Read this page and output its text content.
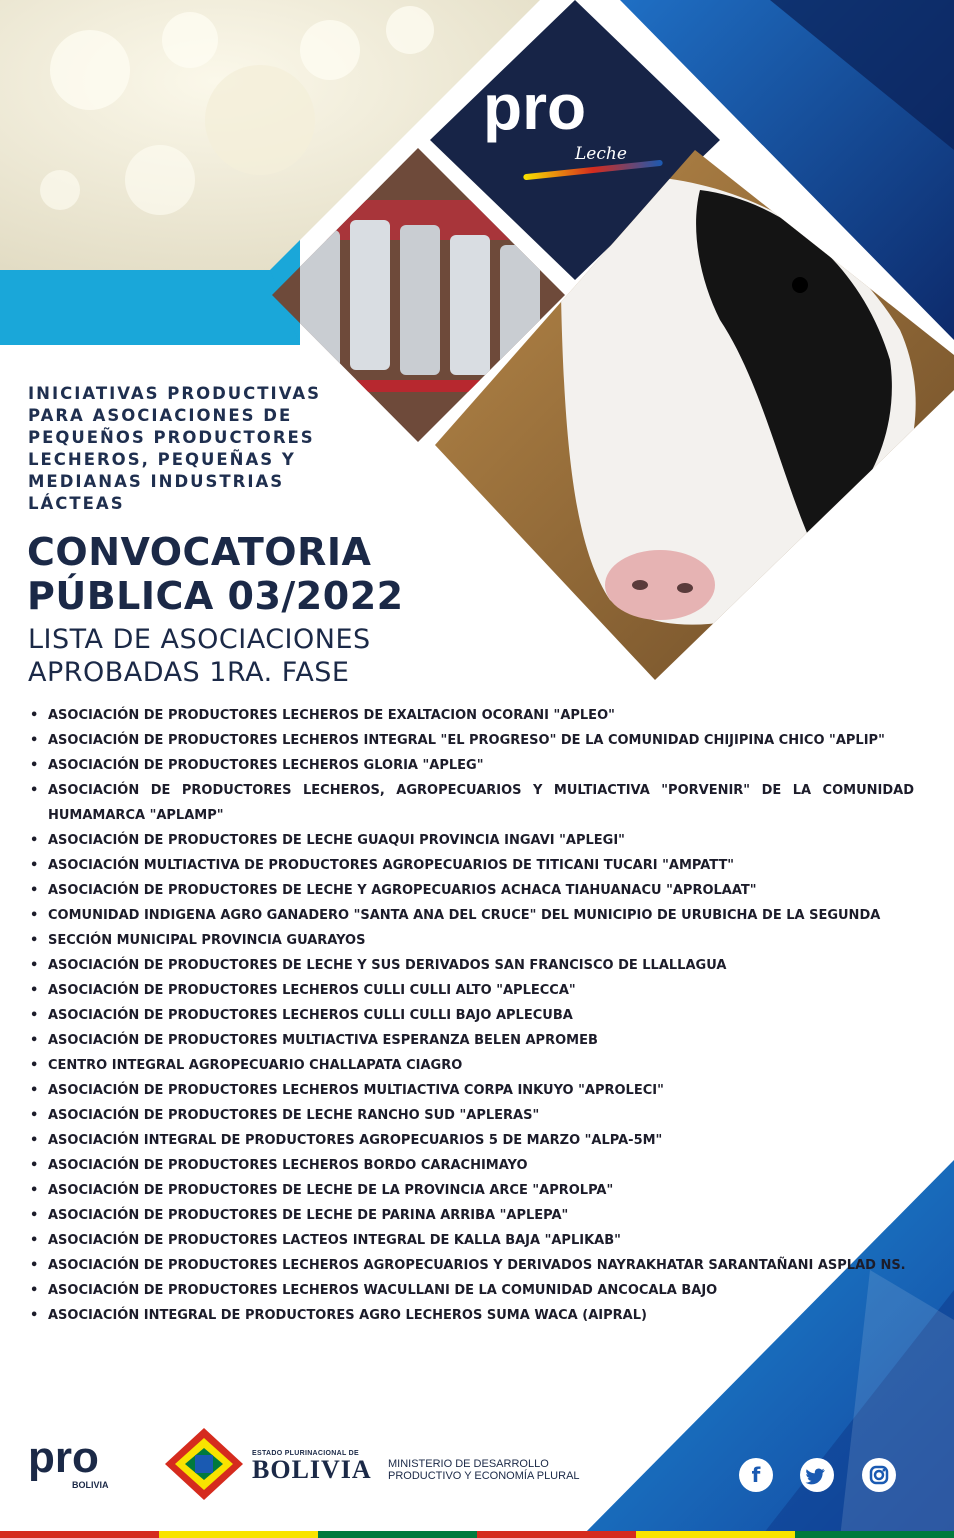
pro
Leche
INICIATIVAS PRODUCTIVAS
PARA ASOCIACIONES DE
PEQUEÑOS PRODUCTORES
LECHEROS, PEQUEÑAS Y
MEDIANAS INDUSTRIAS
LÁCTEAS
CONVOCATORIA
PÚBLICA 03/2022
LISTA DE ASOCIACIONES
APROBADAS 1RA. FASE
• ASOCIACIÓN DE PRODUCTORES LECHEROS DE EXALTACION OCORANI "APLEO"
• ASOCIACIÓN DE PRODUCTORES LECHEROS INTEGRAL "EL PROGRESO" DE LA COMUNIDAD CHIJIPINA CHICO "APLIP"
• ASOCIACIÓN DE PRODUCTORES LECHEROS GLORIA "APLEG"
• ASOCIACIÓN DE PRODUCTORES LECHEROS, AGROPECUARIOS Y MULTIACTIVA "PORVENIR" DE LA COMUNIDAD HUMAMARCA "APLAMP"
• ASOCIACIÓN DE PRODUCTORES DE LECHE GUAQUI PROVINCIA INGAVI "APLEGI"
• ASOCIACIÓN MULTIACTIVA DE PRODUCTORES AGROPECUARIOS DE TITICANI TUCARI "AMPATT"
• ASOCIACIÓN DE PRODUCTORES DE LECHE Y AGROPECUARIOS ACHACA TIAHUANACU "APROLAAT"
• COMUNIDAD INDIGENA AGRO GANADERO "SANTA ANA DEL CRUCE" DEL MUNICIPIO DE URUBICHA DE LA SEGUNDA
• SECCIÓN MUNICIPAL PROVINCIA GUARAYOS
• ASOCIACIÓN DE PRODUCTORES DE LECHE Y SUS DERIVADOS SAN FRANCISCO DE LLALLAGUA
• ASOCIACIÓN DE PRODUCTORES LECHEROS CULLI CULLI ALTO "APLECCA"
• ASOCIACIÓN DE PRODUCTORES LECHEROS CULLI CULLI BAJO APLECUBA
• ASOCIACIÓN DE PRODUCTORES MULTIACTIVA ESPERANZA BELEN APROMEB
• CENTRO INTEGRAL AGROPECUARIO CHALLAPATA CIAGRO
• ASOCIACIÓN DE PRODUCTORES LECHEROS MULTIACTIVA CORPA INKUYO "APROLECI"
• ASOCIACIÓN DE PRODUCTORES DE LECHE RANCHO SUD "APLERAS"
• ASOCIACIÓN INTEGRAL DE PRODUCTORES AGROPECUARIOS 5 DE MARZO "ALPA-5M"
• ASOCIACIÓN DE PRODUCTORES LECHEROS BORDO CARACHIMAYO
• ASOCIACIÓN DE PRODUCTORES DE LECHE DE LA PROVINCIA ARCE "APROLPA"
• ASOCIACIÓN DE PRODUCTORES DE LECHE DE PARINA ARRIBA "APLEPA"
• ASOCIACIÓN DE PRODUCTORES LACTEOS INTEGRAL DE KALLA BAJA "APLIKAB"
• ASOCIACIÓN DE PRODUCTORES LECHEROS AGROPECUARIOS Y DERIVADOS NAYRAKHATAR SARANTAÑANI ASPLAD NS.
• ASOCIACIÓN DE PRODUCTORES LECHEROS WACULLANI DE LA COMUNIDAD ANCOCALA BAJO
• ASOCIACIÓN INTEGRAL DE PRODUCTORES AGRO LECHEROS SUMA WACA (AIPRAL)
pro
BOLIVIA
ESTADO PLURINACIONAL DE
BOLIVIA MINISTERIO DE DESARROLLO
PRODUCTIVO Y ECONOMÍA PLURAL	f
